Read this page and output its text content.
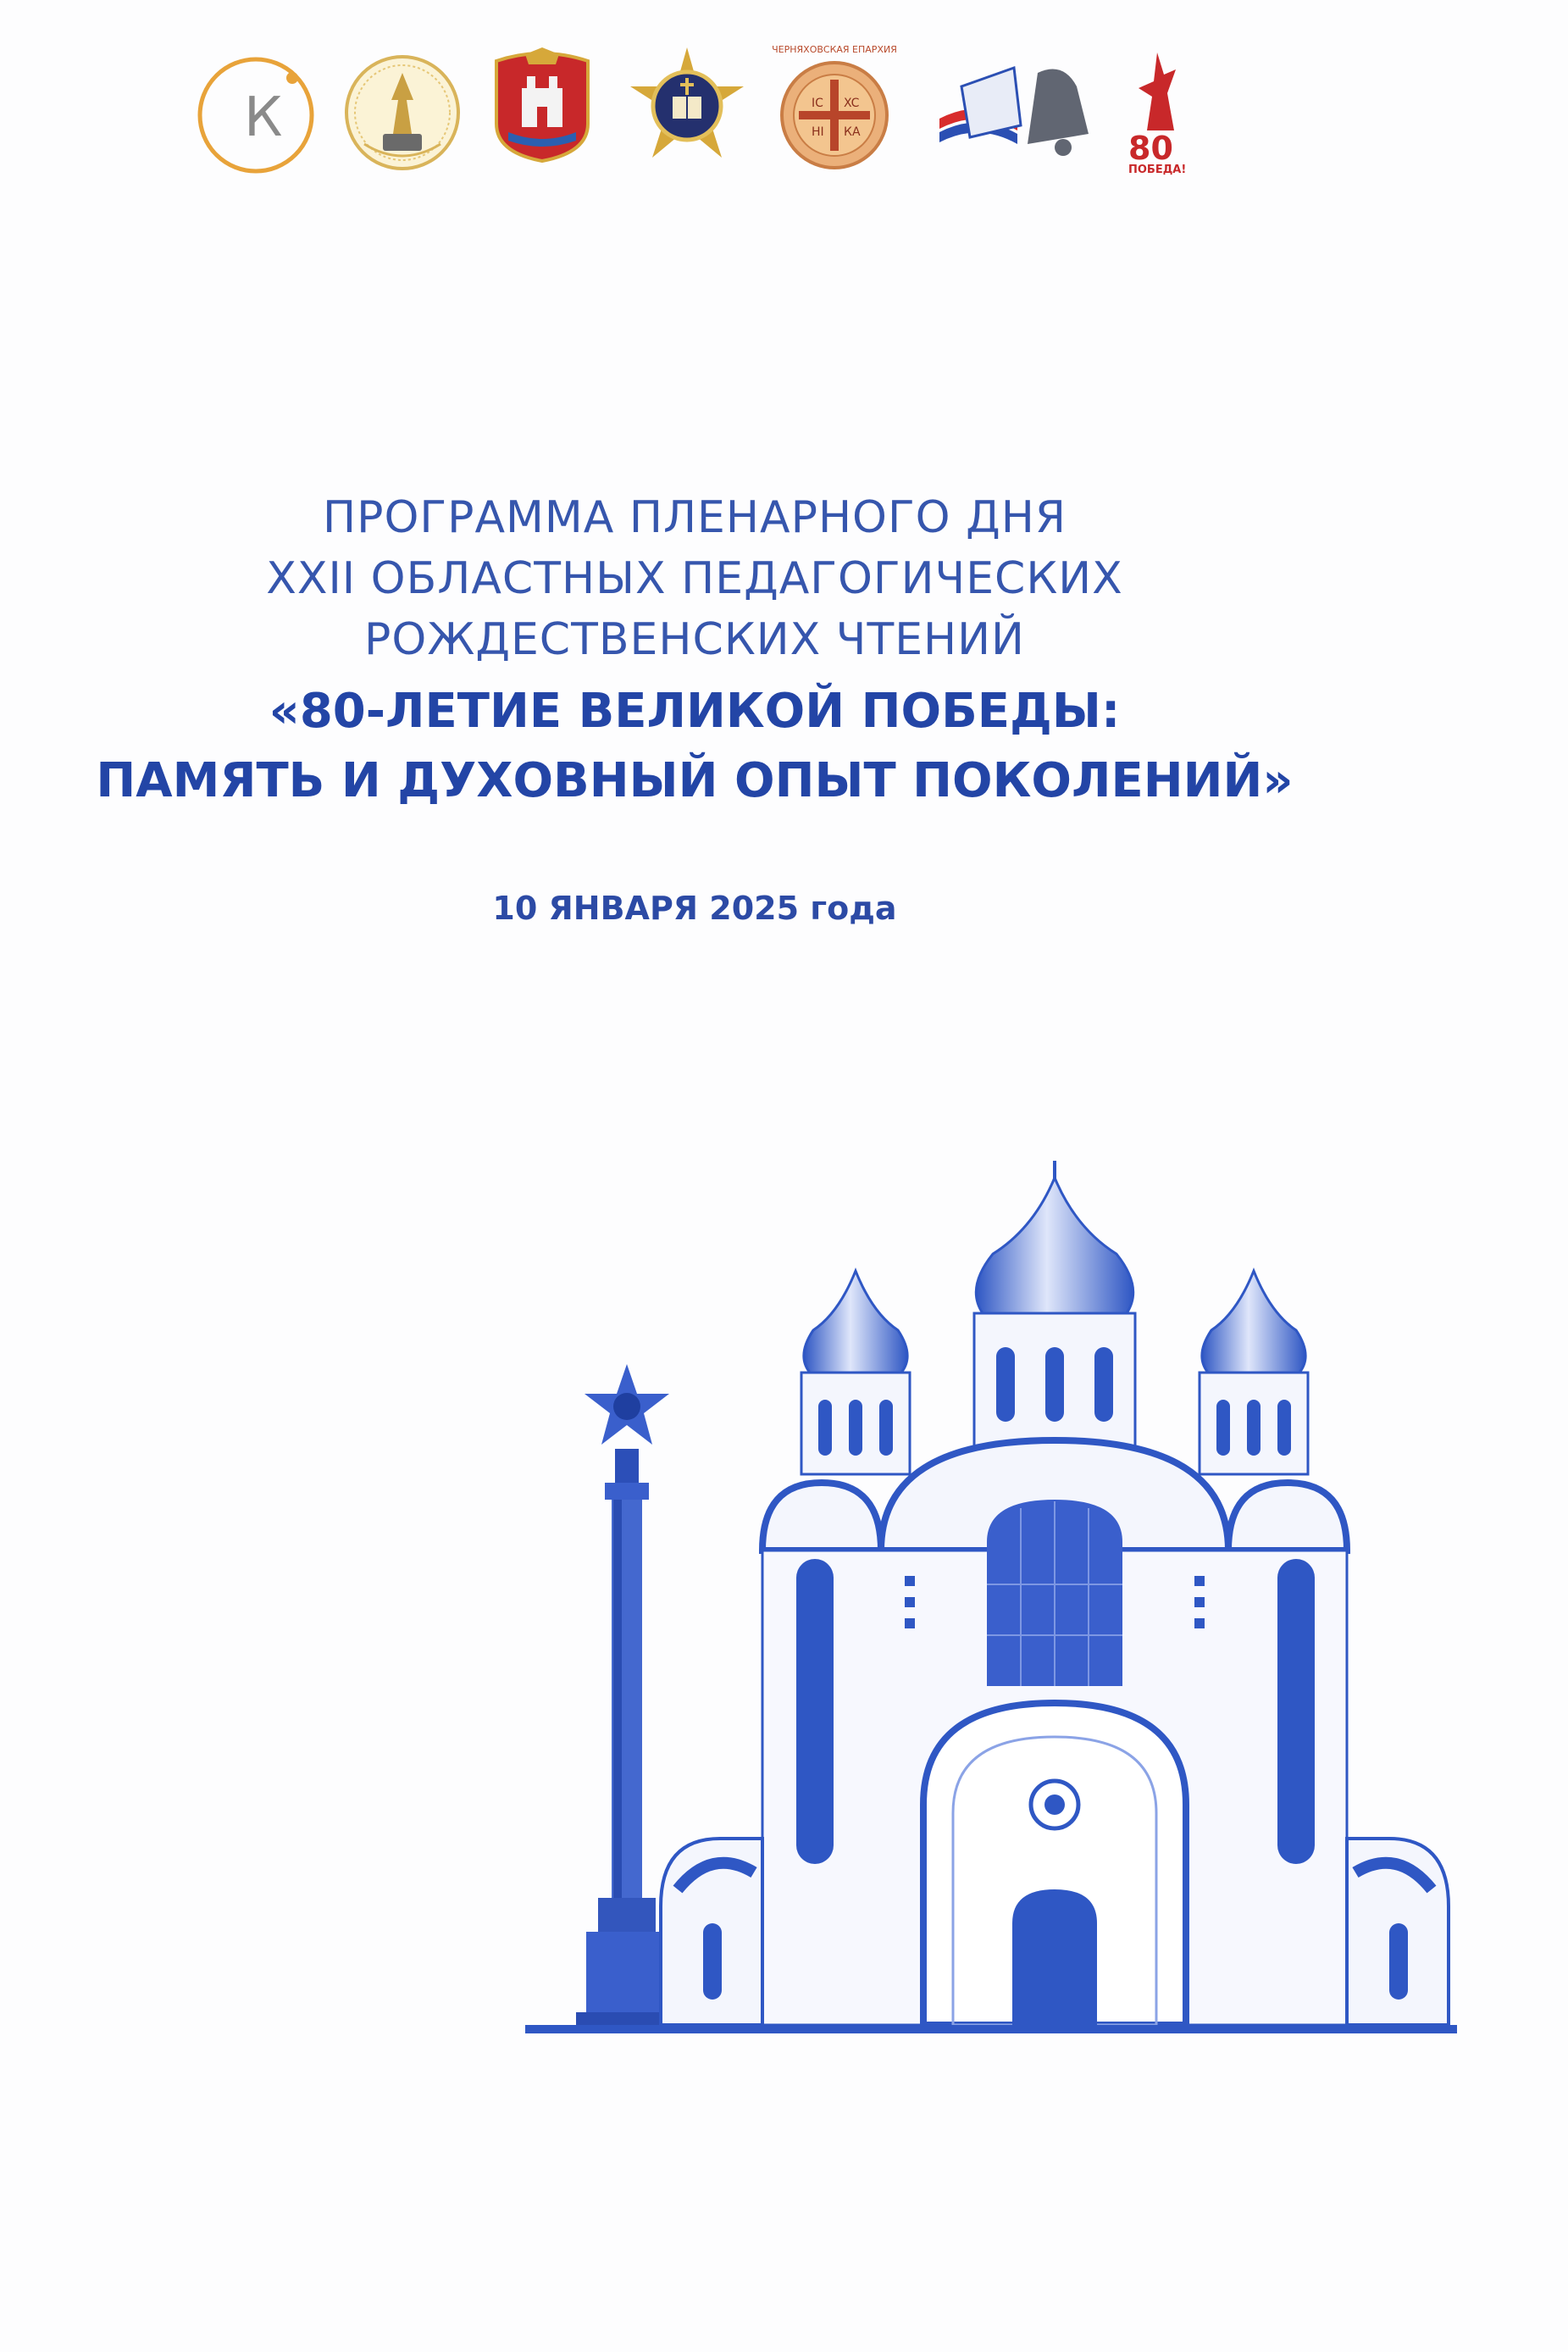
К
ЧЕРНЯХОВСКАЯ ЕПАРХИЯ
IC XC
НІ КА	80
ПОБЕДА!
ПРОГРАММА ПЛЕНАРНОГО ДНЯ
XXII ОБЛАСТНЫХ ПЕДАГОГИЧЕСКИХ
РОЖДЕСТВЕНСКИХ ЧТЕНИЙ
«80-ЛЕТИЕ ВЕЛИКОЙ ПОБЕДЫ:
ПАМЯТЬ И ДУХОВНЫЙ ОПЫТ ПОКОЛЕНИЙ»
10 ЯНВАРЯ 2025 года
